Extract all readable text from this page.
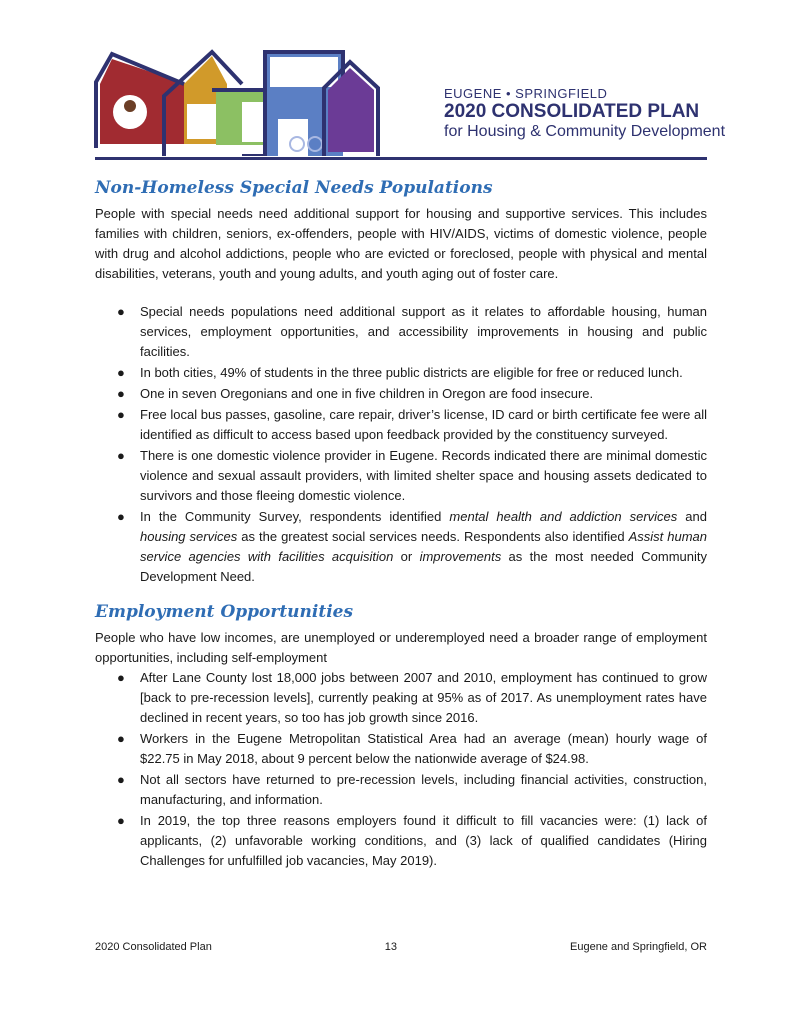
EUGENE • SPRINGFIELD
2020 CONSOLIDATED PLAN
for Housing & Community Development
Non-Homeless Special Needs Populations

People with special needs need additional support for housing and supportive services. This includes families with children, seniors, ex-offenders, people with HIV/AIDS, victims of domestic violence, people with drug and alcohol addictions, people who are evicted or foreclosed, people with physical and mental disabilities, veterans, youth and young adults, and youth aging out of foster care.

● Special needs populations need additional support as it relates to affordable housing, human services, employment opportunities, and accessibility improvements in housing and public facilities.
● In both cities, 49% of students in the three public districts are eligible for free or reduced lunch.
● One in seven Oregonians and one in five children in Oregon are food insecure.
● Free local bus passes, gasoline, care repair, driver’s license, ID card or birth certificate fee were all identified as difficult to access based upon feedback provided by the constituency surveyed.
● There is one domestic violence provider in Eugene. Records indicated there are minimal domestic violence and sexual assault providers, with limited shelter space and housing assets dedicated to survivors and those fleeing domestic violence.
● In the Community Survey, respondents identified mental health and addiction services and housing services as the greatest social services needs. Respondents also identified Assist human service agencies with facilities acquisition or improvements as the most needed Community Development Need.
Employment Opportunities

People who have low incomes, are unemployed or underemployed need a broader range of employment opportunities, including self-employment

● After Lane County lost 18,000 jobs between 2007 and 2010, employment has continued to grow [back to pre-recession levels], currently peaking at 95% as of 2017. As unemployment rates have declined in recent years, so too has job growth since 2016.
● Workers in the Eugene Metropolitan Statistical Area had an average (mean) hourly wage of $22.75 in May 2018, about 9 percent below the nationwide average of $24.98.
● Not all sectors have returned to pre-recession levels, including financial activities, construction, manufacturing, and information.
● In 2019, the top three reasons employers found it difficult to fill vacancies were: (1) lack of applicants, (2) unfavorable working conditions, and (3) lack of qualified candidates (Hiring Challenges for unfulfilled job vacancies, May 2019).
2020 Consolidated Plan	13	Eugene and Springfield, OR
